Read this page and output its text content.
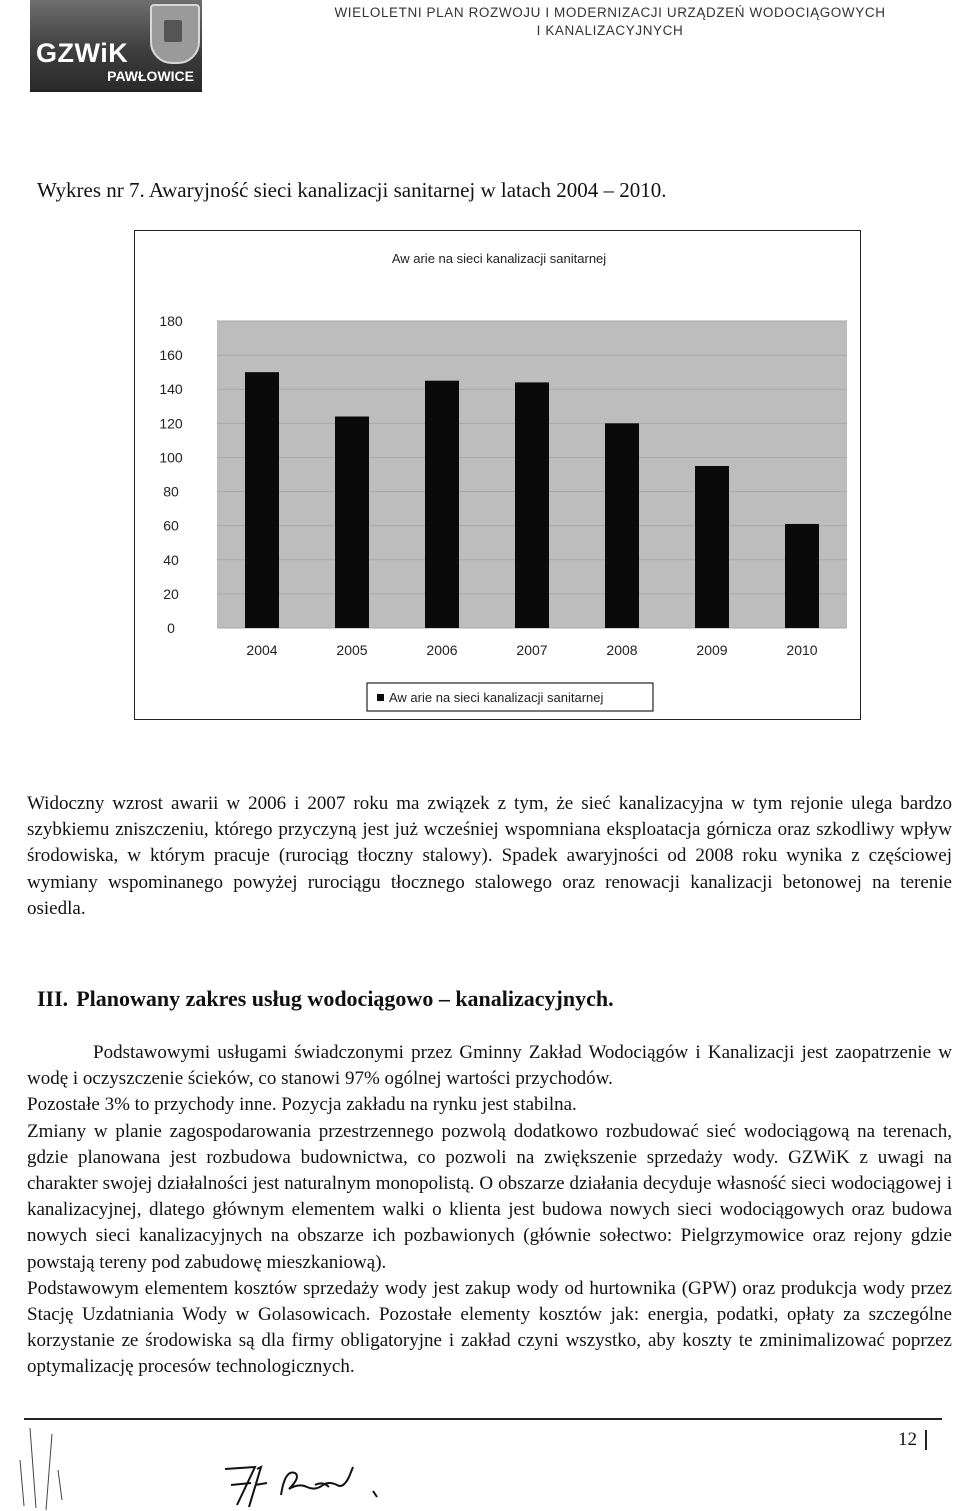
GZWiK
PAWŁOWICE
WIELOLETNI PLAN ROZWOJU I MODERNIZACJI URZĄDZEŃ WODOCIĄGOWYCH
I KANALIZACYJNYCH
Wykres nr 7. Awaryjność sieci kanalizacji sanitarnej w latach 2004 – 2010.
Aw arie na sieci kanalizacji sanitarnej
0
20
40
60
80
100
120
140
160
180
2004	2005	2006	2007	2008	2009	2010
Aw arie na sieci kanalizacji sanitarnej
Widoczny wzrost awarii w 2006 i 2007 roku ma związek z tym, że sieć kanalizacyjna w tym rejonie ulega bardzo szybkiemu zniszczeniu, którego przyczyną jest już wcześniej wspomniana eksploatacja górnicza oraz szkodliwy wpływ środowiska, w którym pracuje (rurociąg tłoczny stalowy). Spadek awaryjności od 2008 roku wynika z częściowej wymiany wspominanego powyżej rurociągu tłocznego stalowego oraz renowacji kanalizacji betonowej na terenie osiedla.
III. Planowany zakres usług wodociągowo – kanalizacyjnych.

Podstawowymi usługami świadczonymi przez Gminny Zakład Wodociągów i Kanalizacji jest zaopatrzenie w wodę i oczyszczenie ścieków, co stanowi 97% ogólnej wartości przychodów.

Pozostałe 3% to przychody inne. Pozycja zakładu na rynku jest stabilna.

Zmiany w planie zagospodarowania przestrzennego pozwolą dodatkowo rozbudować sieć wodociągową na terenach, gdzie planowana jest rozbudowa budownictwa, co pozwoli na zwiększenie sprzedaży wody. GZWiK z uwagi na charakter swojej działalności jest naturalnym monopolistą. O obszarze działania decyduje własność sieci wodociągowej i kanalizacyjnej, dlatego głównym elementem walki o klienta jest budowa nowych sieci wodociągowych oraz budowa nowych sieci kanalizacyjnych na obszarze ich pozbawionych (głównie sołectwo: Pielgrzymowice oraz rejony gdzie powstają tereny pod zabudowę mieszkaniową).

Podstawowym elementem kosztów sprzedaży wody jest zakup wody od hurtownika (GPW) oraz produkcja wody przez Stację Uzdatniania Wody w Golasowicach. Pozostałe elementy kosztów jak: energia, podatki, opłaty za szczególne korzystanie ze środowiska są dla firmy obligatoryjne i zakład czyni wszystko, aby koszty te zminimalizować poprzez optymalizację procesów technologicznych.

12
